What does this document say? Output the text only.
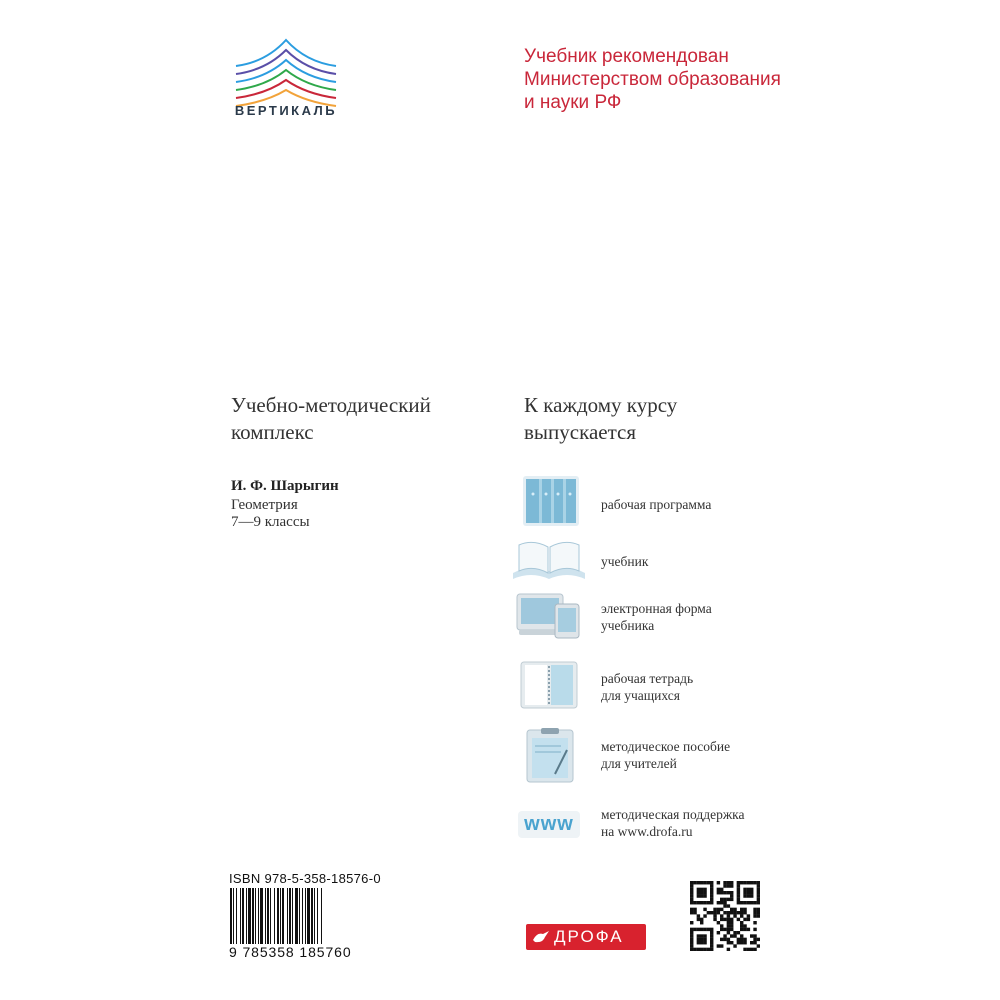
ВЕРТИКАЛЬ
Учебник рекомендован
Министерством образования
и науки РФ
Учебно-методический
комплекс
И. Ф. Шарыгин
Геометрия
7—9 классы
К каждому курсу
выпускается
рабочая программа
учебник
электронная форма
учебника
рабочая тетрадь
для учащихся
методическое пособие
для учителей
www	методическая поддержка
на www.drofa.ru
ISBN 978-5-358-18576-0
9 785358 185760
ДРОФА
